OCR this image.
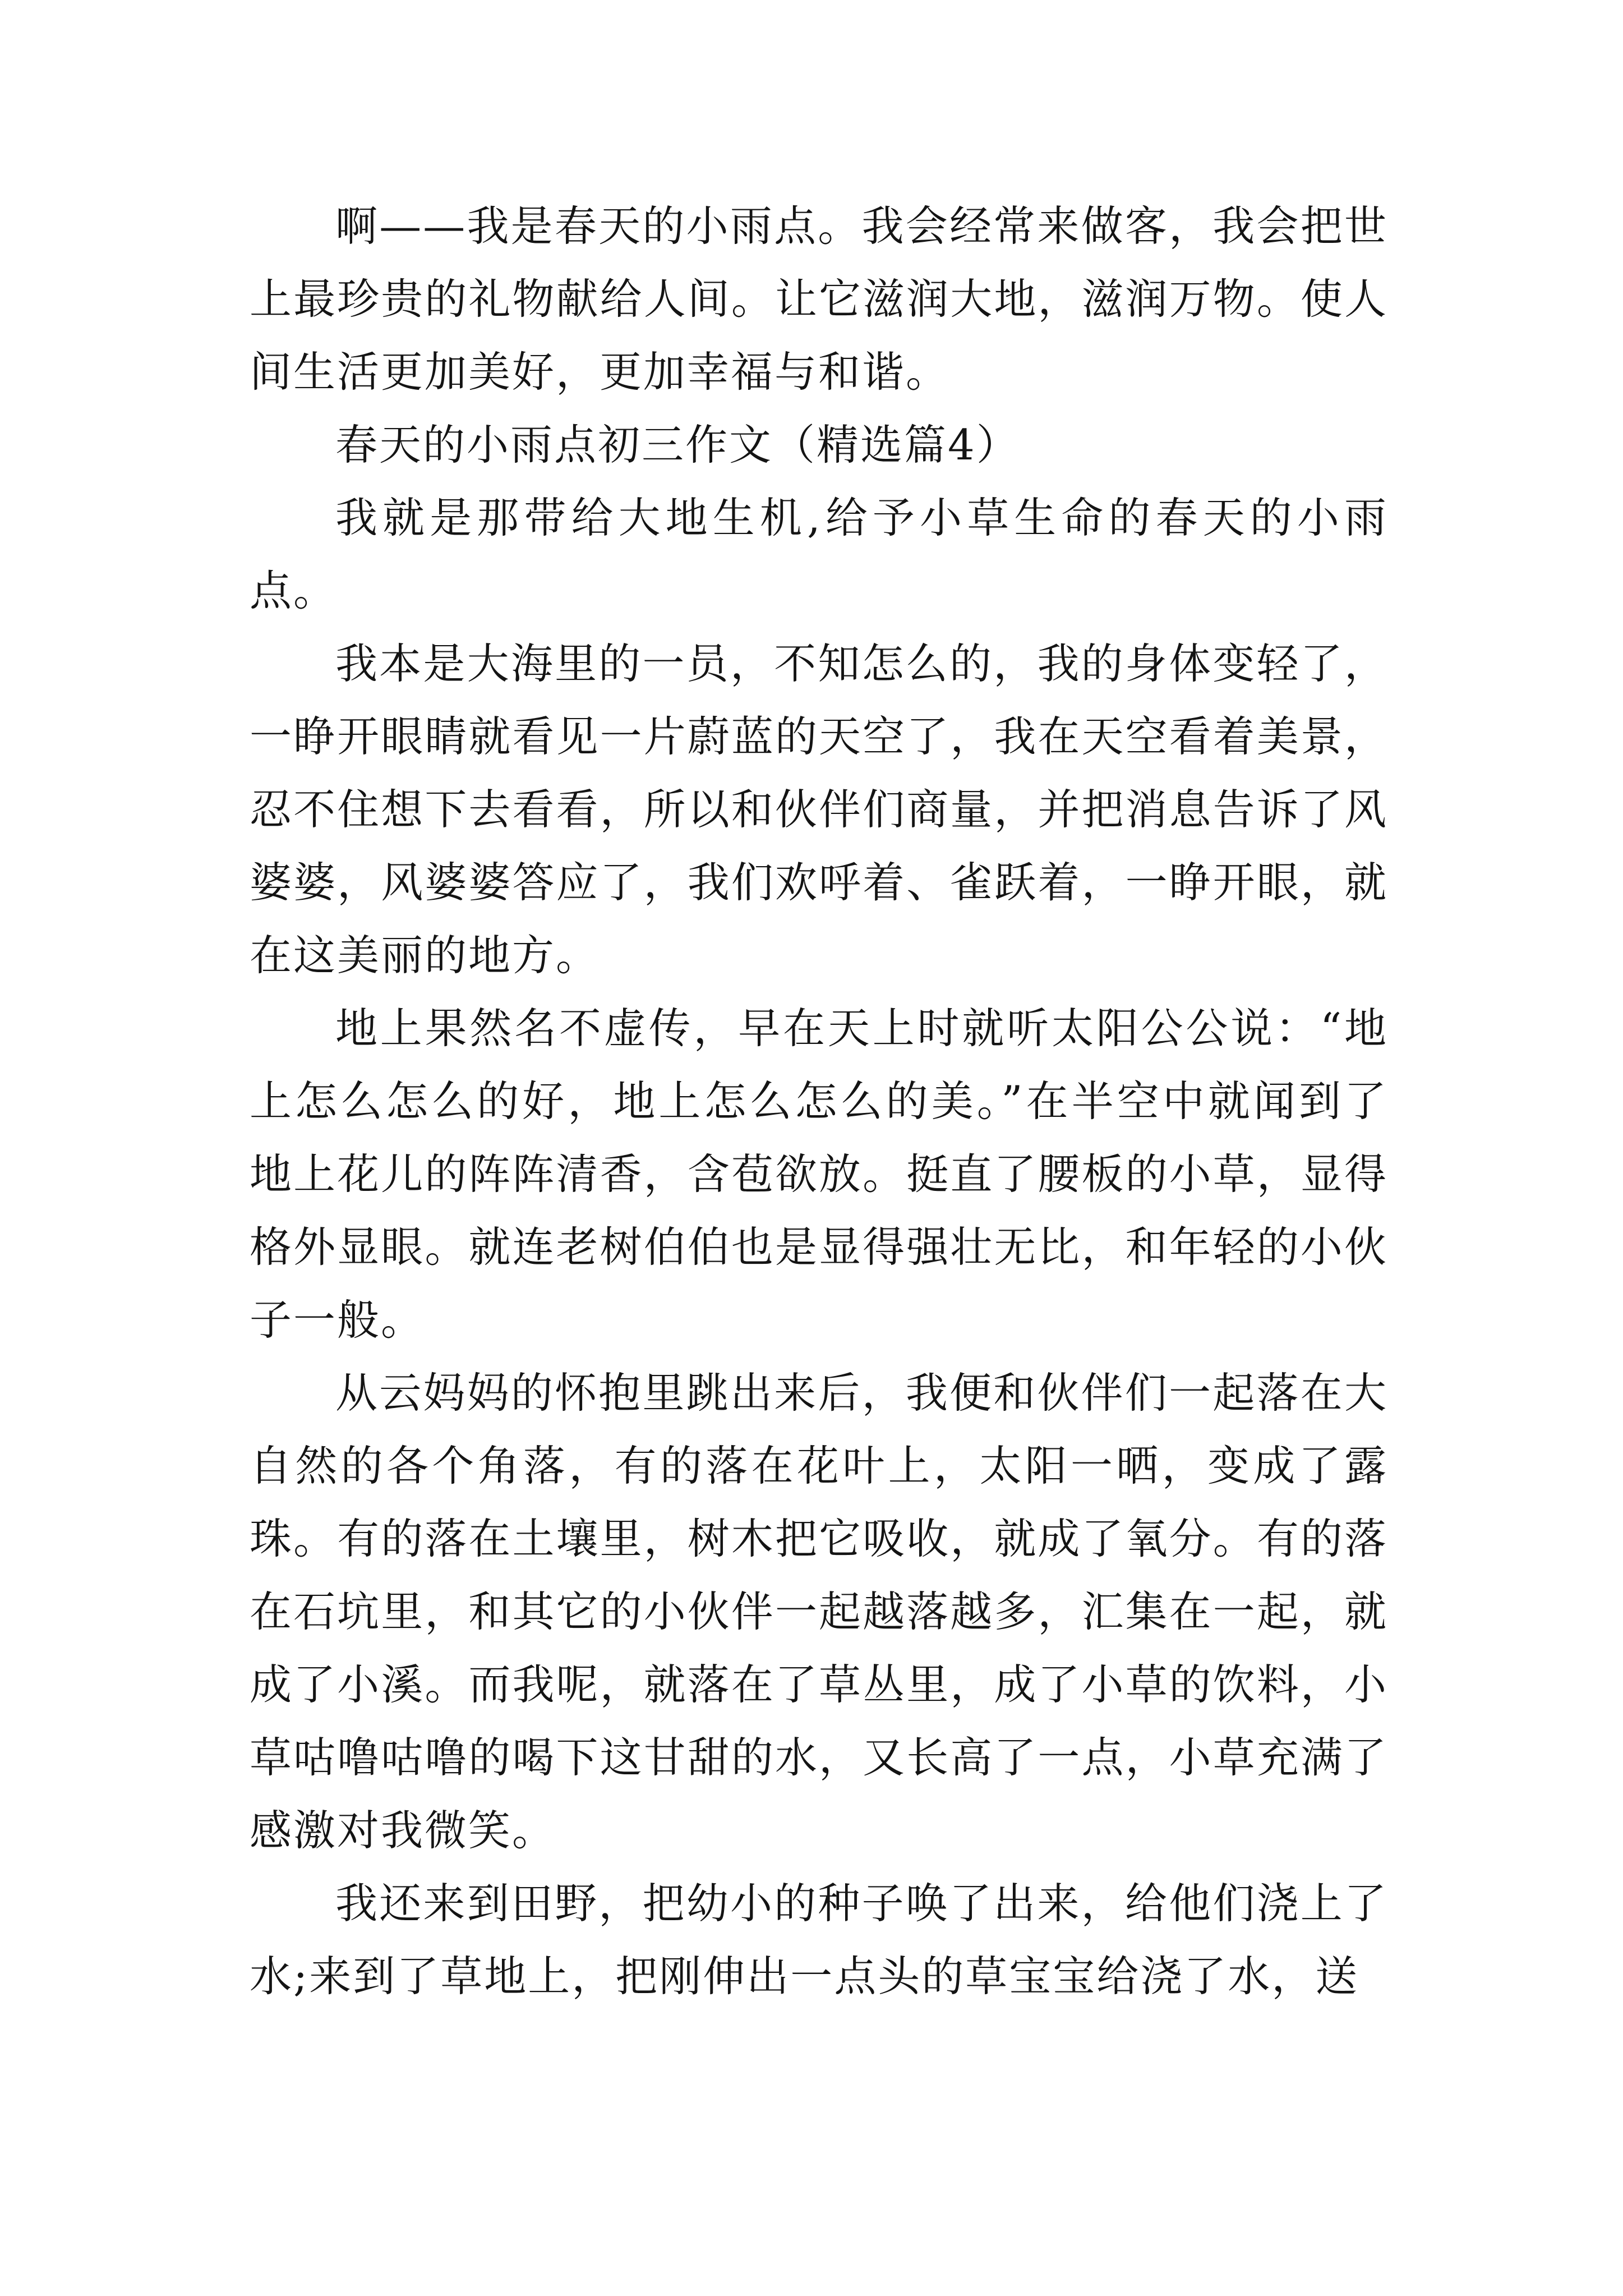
啊——我是春天的小雨点。我会经常来做客，我会把世上最珍贵的礼物献给人间。让它滋润大地，滋润万物。使人间生活更加美好，更加幸福与和谐。

春天的小雨点初三作文（精选篇4）

我就是那带给大地生机,给予小草生命的春天的小雨点。

我本是大海里的一员，不知怎么的，我的身体变轻了，一睁开眼睛就看见一片蔚蓝的天空了，我在天空看着美景，忍不住想下去看看，所以和伙伴们商量，并把消息告诉了风婆婆，风婆婆答应了，我们欢呼着、雀跃着，一睁开眼，就在这美丽的地方。

地上果然名不虚传，早在天上时就听太阳公公说：“地上怎么怎么的好，地上怎么怎么的美。”在半空中就闻到了地上花儿的阵阵清香，含苞欲放。挺直了腰板的小草，显得格外显眼。就连老树伯伯也是显得强壮无比，和年轻的小伙子一般。

从云妈妈的怀抱里跳出来后，我便和伙伴们一起落在大自然的各个角落，有的落在花叶上，太阳一晒，变成了露珠。有的落在土壤里，树木把它吸收，就成了氧分。有的落在石坑里，和其它的小伙伴一起越落越多，汇集在一起，就成了小溪。而我呢，就落在了草丛里，成了小草的饮料，小草咕噜咕噜的喝下这甘甜的水，又长高了一点，小草充满了感激对我微笑。

我还来到田野，把幼小的种子唤了出来，给他们浇上了水;来到了草地上，把刚伸出一点头的草宝宝给浇了水，送
